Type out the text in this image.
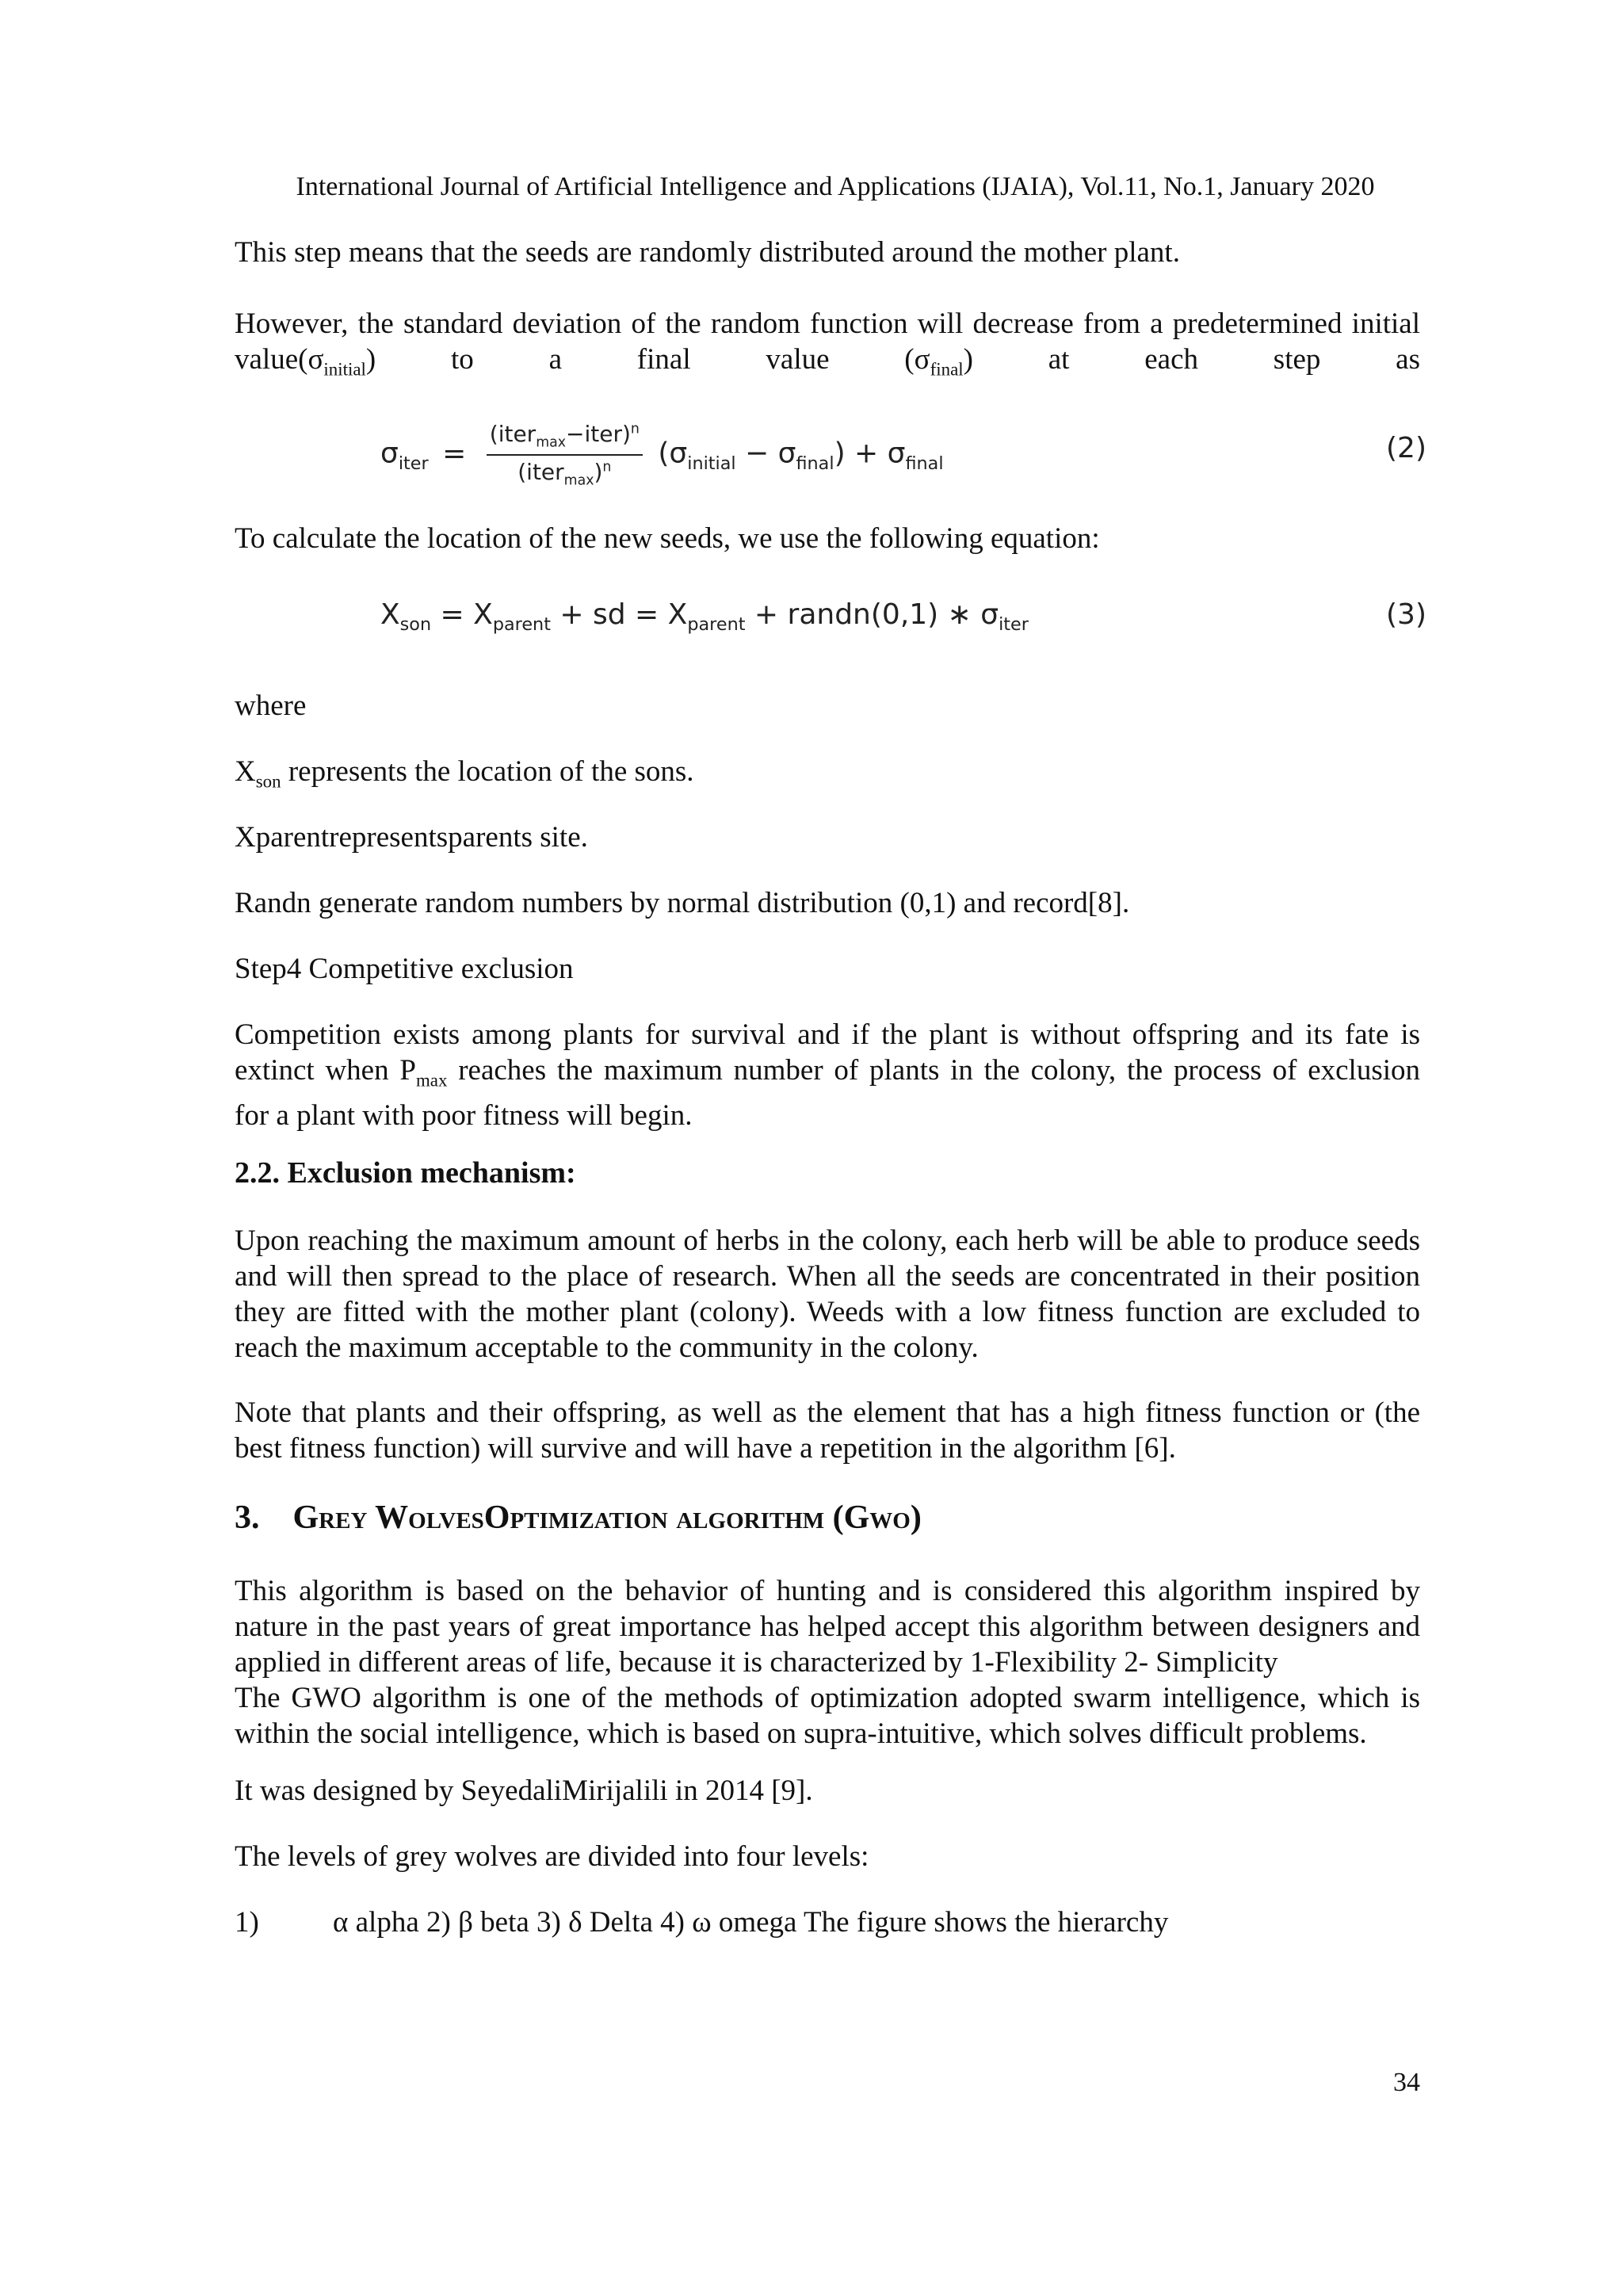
International Journal of Artificial Intelligence and Applications (IJAIA), Vol.11, No.1, January 2020

This step means that the seeds are randomly distributed around the mother plant.

However, the standard deviation of the random function will decrease from a predetermined initial $value(\sigma_{initial})$ to a final value $(\sigma_{final})$ at each step as

$\sigma_{iter} = \frac{(iter_{max}-iter)^n}{(iter_{max})^n} (\sigma_{initial} - \sigma_{final}) + \sigma_{final}$	(2)

To calculate the location of the new seeds, we use the following equation:

$X_{son} = X_{parent}$ + sd = $X_{parent}$ + randn(0,1) ∗ $\sigma_{iter}$	(3)

where

$X_{son}$ represents the location of the sons.

Xparentrepresentsparents site.

Randn generate random numbers by normal distribution (0,1) and record[8].

Step4 Competitive exclusion

Competition exists among plants for survival and if the plant is without offspring and its fate is
extinct when $P_{max}$ reaches the maximum number of plants in the colony, the process of exclusion
for a plant with poor fitness will begin.
2.2. Exclusion mechanism:

Upon reaching the maximum amount of herbs in the colony, each herb will be able to produce seeds and will then spread to the place of research. When all the seeds are concentrated in their position they are fitted with the mother plant (colony). Weeds with a low fitness function are excluded to reach the maximum acceptable to the community in the colony.

Note that plants and their offspring, as well as the element that has a high fitness function or (the best fitness function) will survive and will have a repetition in the algorithm [6].

3. Grey WolvesOptimization algorithm (Gwo)

This algorithm is based on the behavior of hunting and is considered this algorithm inspired by nature in the past years of great importance has helped accept this algorithm between designers and applied in different areas of life, because it is characterized by 1-Flexibility 2- Simplicity

The GWO algorithm is one of the methods of optimization adopted swarm intelligence, which is within the social intelligence, which is based on supra-intuitive, which solves difficult problems.

It was designed by SeyedaliMirijalili in 2014 [9].

The levels of grey wolves are divided into four levels:

1)	α alpha 2) β beta 3) δ Delta 4) ω omega The figure shows the hierarchy
34
